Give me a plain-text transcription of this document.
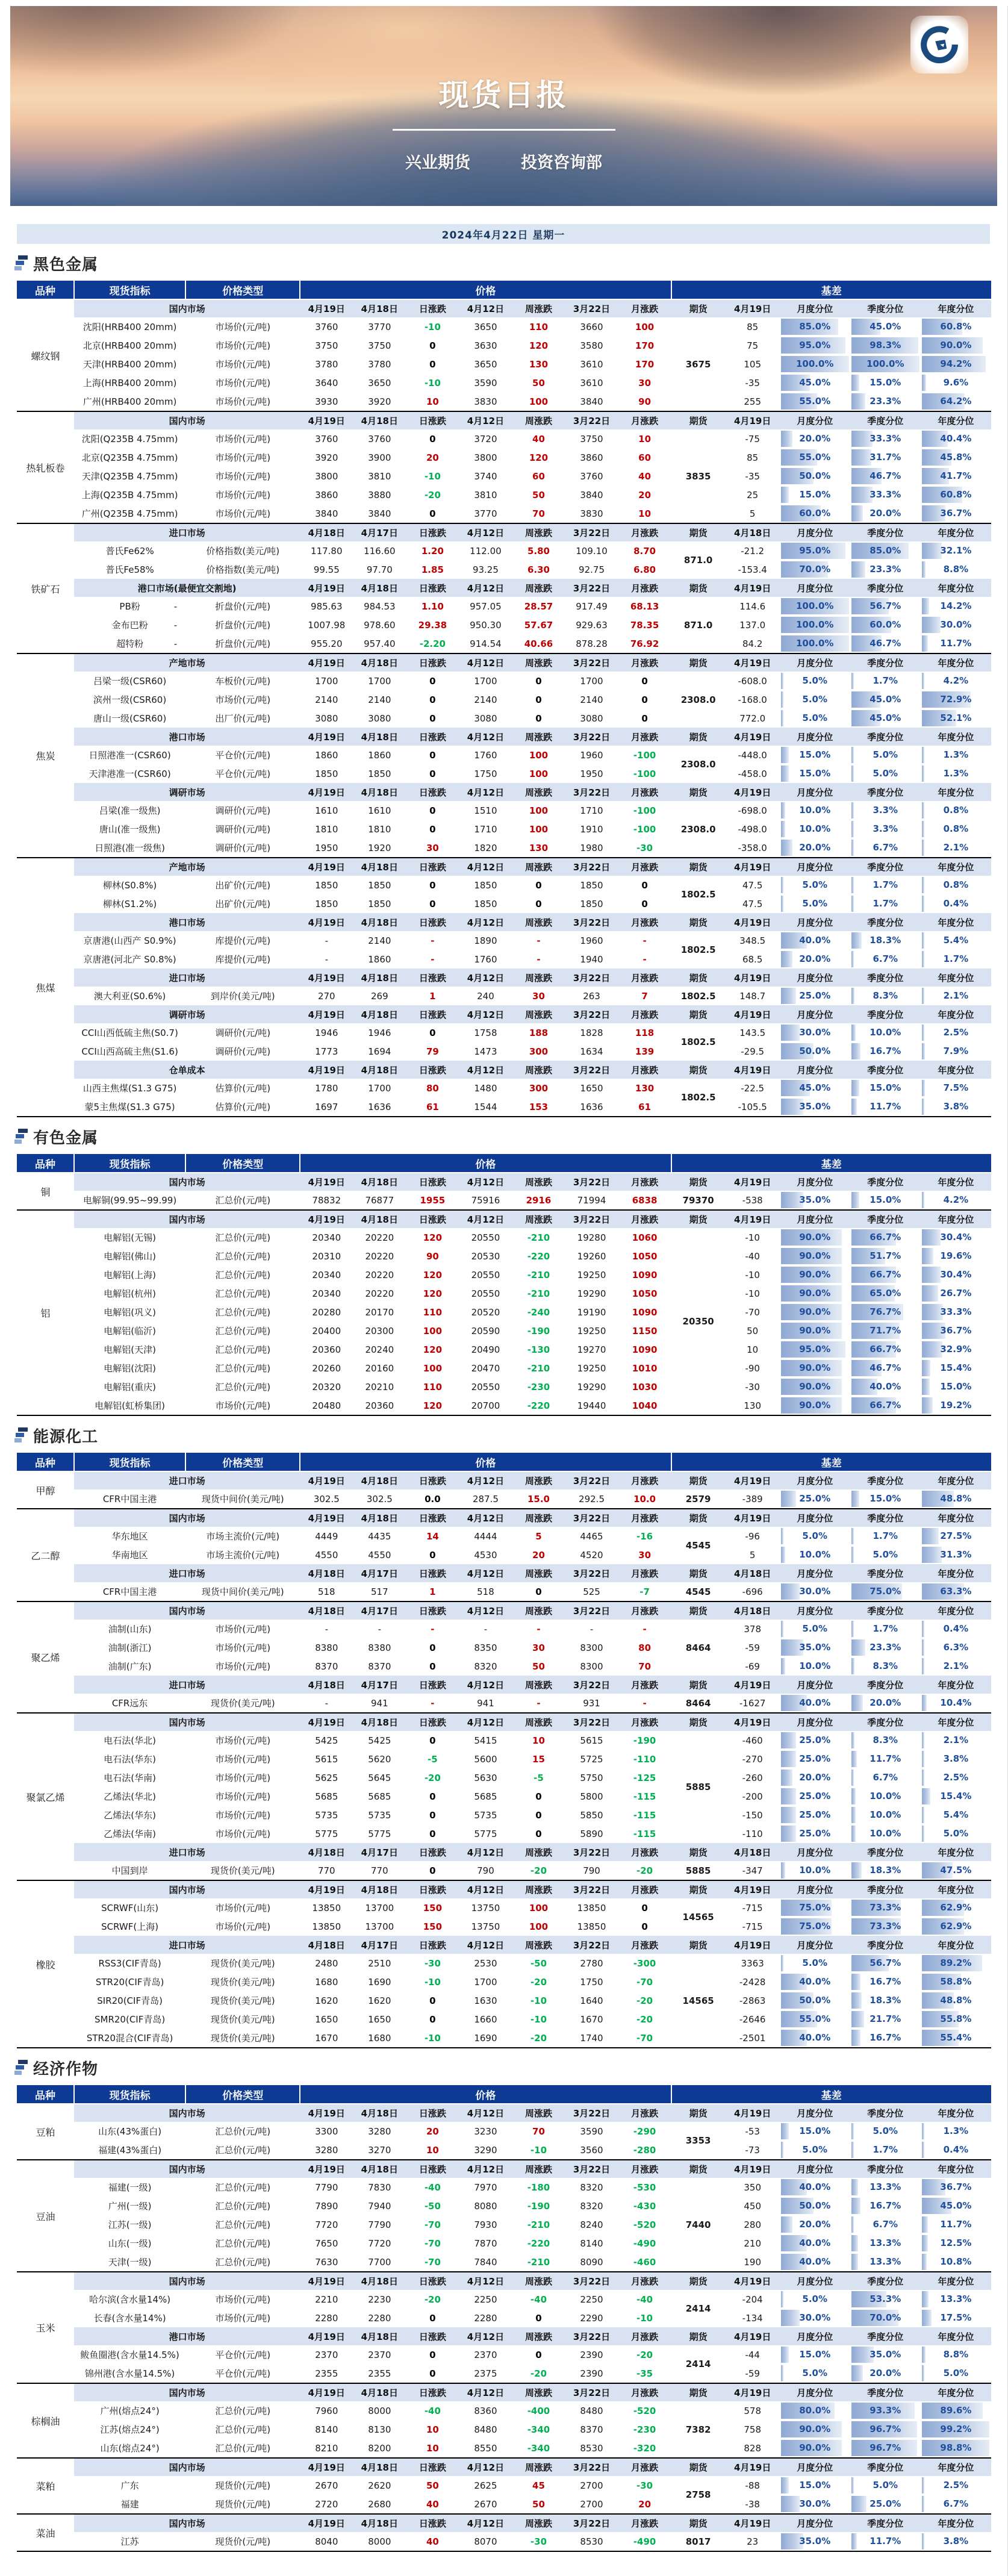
现货日报
兴业期货	投资咨询部
2024年4月22日 星期一
黑色金属
品种	现货指标	价格类型	价格							基差				
螺纹钢	国内市场		4月19日	4月18日	日涨跌	4月12日	周涨跌	3月22日	月涨跌	期货	4月19日	月度分位	季度分位	年度分位
	沈阳(HRB400 20mm)	市场价(元/吨)	3760	3770	-10	3650	110	3660	100	3675	85	85.0%	45.0%	60.8%

	北京(HRB400 20mm)	市场价(元/吨)	3750	3750	0	3630	120	3580	170		75	95.0%	98.3%	90.0%

	天津(HRB400 20mm)	市场价(元/吨)	3780	3780	0	3650	130	3610	170		105	100.0%	100.0%	94.2%

	上海(HRB400 20mm)	市场价(元/吨)	3640	3650	-10	3590	50	3610	30		-35	45.0%	15.0%	9.6%

	广州(HRB400 20mm)	市场价(元/吨)	3930	3920	10	3830	100	3840	90		255	55.0%	23.3%	64.2%

热轧板卷	国内市场		4月19日	4月18日	日涨跌	4月12日	周涨跌	3月22日	月涨跌	期货	4月19日	月度分位	季度分位	年度分位
	沈阳(Q235B 4.75mm)	市场价(元/吨)	3760	3760	0	3720	40	3750	10	3835	-75	20.0%	33.3%	40.4%

	北京(Q235B 4.75mm)	市场价(元/吨)	3920	3900	20	3800	120	3860	60		85	55.0%	31.7%	45.8%

	天津(Q235B 4.75mm)	市场价(元/吨)	3800	3810	-10	3740	60	3760	40		-35	50.0%	46.7%	41.7%

	上海(Q235B 4.75mm)	市场价(元/吨)	3860	3880	-20	3810	50	3840	20		25	15.0%	33.3%	60.8%

	广州(Q235B 4.75mm)	市场价(元/吨)	3840	3840	0	3770	70	3830	10		5	60.0%	20.0%	36.7%

铁矿石	进口市场		4月18日	4月17日	日涨跌	4月12日	周涨跌	3月22日	月涨跌	期货	4月18日	月度分位	季度分位	年度分位
	普氏Fe62%	价格指数(美元/吨)	117.80	116.60	1.20	112.00	5.80	109.10	8.70	871.0	-21.2	95.0%	85.0%	32.1%

	普氏Fe58%	价格指数(美元/吨)	99.55	97.70	1.85	93.25	6.30	92.75	6.80		-153.4	70.0%	23.3%	8.8%

	港口市场(最便宜交割地)		4月19日	4月18日	日涨跌	4月12日	周涨跌	3月22日	月涨跌	期货	4月19日	月度分位	季度分位	年度分位
	PB粉 -	折盘价(元/吨)	985.63	984.53	1.10	957.05	28.57	917.49	68.13	871.0	114.6	100.0%	56.7%	14.2%

	金布巴粉 -	折盘价(元/吨)	1007.98	978.60	29.38	950.30	57.67	929.63	78.35		137.0	100.0%	60.0%	30.0%

	超特粉 -	折盘价(元/吨)	955.20	957.40	-2.20	914.54	40.66	878.28	76.92		84.2	100.0%	46.7%	11.7%

焦炭	产地市场		4月19日	4月18日	日涨跌	4月12日	周涨跌	3月22日	月涨跌	期货	4月19日	月度分位	季度分位	年度分位
	吕梁一级(CSR60)	车板价(元/吨)	1700	1700	0	1700	0	1700	0	2308.0	-608.0	5.0%	1.7%	4.2%

	滨州一级(CSR60)	市场价(元/吨)	2140	2140	0	2140	0	2140	0		-168.0	5.0%	45.0%	72.9%

	唐山一级(CSR60)	出厂价(元/吨)	3080	3080	0	3080	0	3080	0		772.0	5.0%	45.0%	52.1%

	港口市场		4月19日	4月18日	日涨跌	4月12日	周涨跌	3月22日	月涨跌	期货	4月19日	月度分位	季度分位	年度分位
	日照港准一(CSR60)	平仓价(元/吨)	1860	1860	0	1760	100	1960	-100	2308.0	-448.0	15.0%	5.0%	1.3%

	天津港准一(CSR60)	平仓价(元/吨)	1850	1850	0	1750	100	1950	-100		-458.0	15.0%	5.0%	1.3%

	调研市场		4月19日	4月18日	日涨跌	4月12日	周涨跌	3月22日	月涨跌	期货	4月19日	月度分位	季度分位	年度分位
	吕梁(准一级焦)	调研价(元/吨)	1610	1610	0	1510	100	1710	-100	2308.0	-698.0	10.0%	3.3%	0.8%

	唐山(准一级焦)	调研价(元/吨)	1810	1810	0	1710	100	1910	-100		-498.0	10.0%	3.3%	0.8%

	日照港(准一级焦)	调研价(元/吨)	1950	1920	30	1820	130	1980	-30		-358.0	20.0%	6.7%	2.1%

焦煤	产地市场		4月19日	4月18日	日涨跌	4月12日	周涨跌	3月22日	月涨跌	期货	4月19日	月度分位	季度分位	年度分位
	柳林(S0.8%)	出矿价(元/吨)	1850	1850	0	1850	0	1850	0	1802.5	47.5	5.0%	1.7%	0.8%

	柳林(S1.2%)	出矿价(元/吨)	1850	1850	0	1850	0	1850	0		47.5	5.0%	1.7%	0.4%

	港口市场		4月19日	4月18日	日涨跌	4月12日	周涨跌	3月22日	月涨跌	期货	4月19日	月度分位	季度分位	年度分位
	京唐港(山西产 S0.9%)	库提价(元/吨)	-	2140	-	1890	-	1960	-	1802.5	348.5	40.0%	18.3%	5.4%

	京唐港(河北产 S0.8%)	库提价(元/吨)	-	1860	-	1760	-	1940	-		68.5	20.0%	6.7%	1.7%

	进口市场		4月19日	4月18日	日涨跌	4月12日	周涨跌	3月22日	月涨跌	期货	4月19日	月度分位	季度分位	年度分位
	澳大利亚(S0.6%)	到岸价(美元/吨)	270	269	1	240	30	263	7	1802.5	148.7	25.0%	8.3%	2.1%

	调研市场		4月19日	4月18日	日涨跌	4月12日	周涨跌	3月22日	月涨跌	期货	4月19日	月度分位	季度分位	年度分位
	CCI山西低硫主焦(S0.7)	调研价(元/吨)	1946	1946	0	1758	188	1828	118	1802.5	143.5	30.0%	10.0%	2.5%

	CCI山西高硫主焦(S1.6)	调研价(元/吨)	1773	1694	79	1473	300	1634	139		-29.5	50.0%	16.7%	7.9%

	仓单成本		4月19日	4月18日	日涨跌	4月12日	周涨跌	3月22日	月涨跌	期货	4月19日	月度分位	季度分位	年度分位
	山西主焦煤(S1.3 G75)	估算价(元/吨)	1780	1700	80	1480	300	1650	130	1802.5	-22.5	45.0%	15.0%	7.5%

	蒙5主焦煤(S1.3 G75)	估算价(元/吨)	1697	1636	61	1544	153	1636	61		-105.5	35.0%	11.7%	3.8%
有色金属
品种	现货指标	价格类型	价格							基差				
铜	国内市场		4月19日	4月18日	日涨跌	4月12日	周涨跌	3月22日	月涨跌	期货	4月19日	月度分位	季度分位	年度分位
	电解铜(99.95~99.99)	汇总价(元/吨)	78832	76877	1955	75916	2916	71994	6838	79370	-538	35.0%	15.0%	4.2%

铝	国内市场		4月19日	4月18日	日涨跌	4月12日	周涨跌	3月22日	月涨跌	期货	4月19日	月度分位	季度分位	年度分位
	电解铝(无锡)	汇总价(元/吨)	20340	20220	120	20550	-210	19280	1060	20350	-10	90.0%	66.7%	30.4%

	电解铝(佛山)	汇总价(元/吨)	20310	20220	90	20530	-220	19260	1050		-40	90.0%	51.7%	19.6%

	电解铝(上海)	汇总价(元/吨)	20340	20220	120	20550	-210	19250	1090		-10	90.0%	66.7%	30.4%

	电解铝(杭州)	汇总价(元/吨)	20340	20220	120	20550	-210	19290	1050		-10	90.0%	65.0%	26.7%

	电解铝(巩义)	汇总价(元/吨)	20280	20170	110	20520	-240	19190	1090		-70	90.0%	76.7%	33.3%

	电解铝(临沂)	汇总价(元/吨)	20400	20300	100	20590	-190	19250	1150		50	90.0%	71.7%	36.7%

	电解铝(天津)	汇总价(元/吨)	20360	20240	120	20490	-130	19270	1090		10	95.0%	66.7%	32.9%

	电解铝(沈阳)	汇总价(元/吨)	20260	20160	100	20470	-210	19250	1010		-90	90.0%	46.7%	15.4%

	电解铝(重庆)	汇总价(元/吨)	20320	20210	110	20550	-230	19290	1030		-30	90.0%	40.0%	15.0%

	电解铝(虹桥集团)	市场价(元/吨)	20480	20360	120	20700	-220	19440	1040		130	90.0%	66.7%	19.2%
能源化工
品种	现货指标	价格类型	价格							基差				
甲醇	进口市场		4月19日	4月18日	日涨跌	4月12日	周涨跌	3月22日	月涨跌	期货	4月19日	月度分位	季度分位	年度分位
	CFR中国主港	现货中间价(美元/吨)	302.5	302.5	0.0	287.5	15.0	292.5	10.0	2579	-389	25.0%	15.0%	48.8%

乙二醇	国内市场		4月19日	4月18日	日涨跌	4月12日	周涨跌	3月22日	月涨跌	期货	4月19日	月度分位	季度分位	年度分位
	华东地区	市场主流价(元/吨)	4449	4435	14	4444	5	4465	-16	4545	-96	5.0%	1.7%	27.5%

	华南地区	市场主流价(元/吨)	4550	4550	0	4530	20	4520	30		5	10.0%	5.0%	31.3%

	进口市场		4月18日	4月17日	日涨跌	4月12日	周涨跌	3月22日	月涨跌	期货	4月18日	月度分位	季度分位	年度分位
	CFR中国主港	现货中间价(美元/吨)	518	517	1	518	0	525	-7	4545	-696	30.0%	75.0%	63.3%

聚乙烯	国内市场		4月18日	4月17日	日涨跌	4月12日	周涨跌	3月22日	月涨跌	期货	4月18日	月度分位	季度分位	年度分位
	油制(山东)	市场价(元/吨)	-	-	-	-	-	-	-	8464	378	5.0%	1.7%	0.4%

	油制(浙江)	市场价(元/吨)	8380	8380	0	8350	30	8300	80		-59	35.0%	23.3%	6.3%

	油制(广东)	市场价(元/吨)	8370	8370	0	8320	50	8300	70		-69	10.0%	8.3%	2.1%

	进口市场		4月18日	4月17日	日涨跌	4月12日	周涨跌	3月22日	月涨跌	期货	4月19日	月度分位	季度分位	年度分位
	CFR远东	现货价(美元/吨)	-	941	-	941	-	931	-	8464	-1627	40.0%	20.0%	10.4%

聚氯乙烯	国内市场		4月19日	4月18日	日涨跌	4月12日	周涨跌	3月22日	月涨跌	期货	4月19日	月度分位	季度分位	年度分位
	电石法(华北)	市场价(元/吨)	5425	5425	0	5415	10	5615	-190	5885	-460	25.0%	8.3%	2.1%

	电石法(华东)	市场价(元/吨)	5615	5620	-5	5600	15	5725	-110		-270	25.0%	11.7%	3.8%

	电石法(华南)	市场价(元/吨)	5625	5645	-20	5630	-5	5750	-125		-260	20.0%	6.7%	2.5%

	乙烯法(华北)	市场价(元/吨)	5685	5685	0	5685	0	5800	-115		-200	25.0%	10.0%	15.4%

	乙烯法(华东)	市场价(元/吨)	5735	5735	0	5735	0	5850	-115		-150	25.0%	10.0%	5.4%

	乙烯法(华南)	市场价(元/吨)	5775	5775	0	5775	0	5890	-115		-110	25.0%	10.0%	5.0%

	进口市场		4月18日	4月17日	日涨跌	4月12日	周涨跌	3月22日	月涨跌	期货	4月18日	月度分位	季度分位	年度分位
	中国到岸	现货价(美元/吨)	770	770	0	790	-20	790	-20	5885	-347	10.0%	18.3%	47.5%

橡胶	国内市场		4月19日	4月18日	日涨跌	4月12日	周涨跌	3月22日	月涨跌	期货	4月19日	月度分位	季度分位	年度分位
	SCRWF(山东)	市场价(元/吨)	13850	13700	150	13750	100	13850	0	14565	-715	75.0%	73.3%	62.9%

	SCRWF(上海)	市场价(元/吨)	13850	13700	150	13750	100	13850	0		-715	75.0%	73.3%	62.9%

	进口市场		4月18日	4月17日	日涨跌	4月12日	周涨跌	3月22日	月涨跌	期货	4月19日	月度分位	季度分位	年度分位
	RSS3(CIF青岛)	现货价(美元/吨)	2480	2510	-30	2530	-50	2780	-300	14565	3363	5.0%	56.7%	89.2%

	STR20(CIF青岛)	现货价(美元/吨)	1680	1690	-10	1700	-20	1750	-70		-2428	40.0%	16.7%	58.8%

	SIR20(CIF青岛)	现货价(美元/吨)	1620	1620	0	1630	-10	1640	-20		-2863	50.0%	18.3%	48.8%

	SMR20(CIF青岛)	现货价(美元/吨)	1650	1650	0	1660	-10	1670	-20		-2646	55.0%	21.7%	55.8%

	STR20混合(CIF青岛)	现货价(美元/吨)	1670	1680	-10	1690	-20	1740	-70		-2501	40.0%	16.7%	55.4%
经济作物
品种	现货指标	价格类型	价格							基差				
豆粕	国内市场		4月19日	4月18日	日涨跌	4月12日	周涨跌	3月22日	月涨跌	期货	4月19日	月度分位	季度分位	年度分位
	山东(43%蛋白)	汇总价(元/吨)	3300	3280	20	3230	70	3590	-290	3353	-53	15.0%	5.0%	1.3%

	福建(43%蛋白)	汇总价(元/吨)	3280	3270	10	3290	-10	3560	-280		-73	5.0%	1.7%	0.4%

豆油	国内市场		4月19日	4月18日	日涨跌	4月12日	周涨跌	3月22日	月涨跌	期货	4月19日	月度分位	季度分位	年度分位
	福建(一级)	汇总价(元/吨)	7790	7830	-40	7970	-180	8320	-530	7440	350	40.0%	13.3%	36.7%

	广州(一级)	汇总价(元/吨)	7890	7940	-50	8080	-190	8320	-430		450	50.0%	16.7%	45.0%

	江苏(一级)	汇总价(元/吨)	7720	7790	-70	7930	-210	8240	-520		280	20.0%	6.7%	11.7%

	山东(一级)	汇总价(元/吨)	7650	7720	-70	7870	-220	8140	-490		210	40.0%	13.3%	12.5%

	天津(一级)	汇总价(元/吨)	7630	7700	-70	7840	-210	8090	-460		190	40.0%	13.3%	10.8%

玉米	国内市场		4月19日	4月18日	日涨跌	4月12日	周涨跌	3月22日	月涨跌	期货	4月19日	月度分位	季度分位	年度分位
	哈尔滨(含水量14%)	市场价(元/吨)	2210	2230	-20	2250	-40	2250	-40	2414	-204	5.0%	53.3%	13.3%

	长春(含水量14%)	市场价(元/吨)	2280	2280	0	2280	0	2290	-10		-134	30.0%	70.0%	17.5%

	港口市场		4月19日	4月18日	日涨跌	4月12日	周涨跌	3月22日	月涨跌	期货	4月19日	月度分位	季度分位	年度分位
	鲅鱼圈港(含水量14.5%)	平仓价(元/吨)	2370	2370	0	2370	0	2390	-20	2414	-44	15.0%	35.0%	8.8%

	锦州港(含水量14.5%)	平仓价(元/吨)	2355	2355	0	2375	-20	2390	-35		-59	5.0%	20.0%	5.0%

棕榈油	国内市场		4月19日	4月18日	日涨跌	4月12日	周涨跌	3月22日	月涨跌	期货	4月19日	月度分位	季度分位	年度分位
	广州(熔点24°)	汇总价(元/吨)	7960	8000	-40	8360	-400	8480	-520	7382	578	80.0%	93.3%	89.6%

	江苏(熔点24°)	汇总价(元/吨)	8140	8130	10	8480	-340	8370	-230		758	90.0%	96.7%	99.2%

	山东(熔点24°)	汇总价(元/吨)	8210	8200	10	8550	-340	8530	-320		828	90.0%	96.7%	98.8%

菜粕	国内市场		4月19日	4月18日	日涨跌	4月12日	周涨跌	3月22日	月涨跌	期货	4月19日	月度分位	季度分位	年度分位
	广东	现货价(元/吨)	2670	2620	50	2625	45	2700	-30	2758	-88	15.0%	5.0%	2.5%

	福建	现货价(元/吨)	2720	2680	40	2670	50	2700	20		-38	30.0%	25.0%	6.7%

菜油	国内市场		4月19日	4月18日	日涨跌	4月12日	周涨跌	3月22日	月涨跌	期货	4月19日	月度分位	季度分位	年度分位
	江苏	现货价(元/吨)	8040	8000	40	8070	-30	8530	-490	8017	23	35.0%	11.7%	3.8%
